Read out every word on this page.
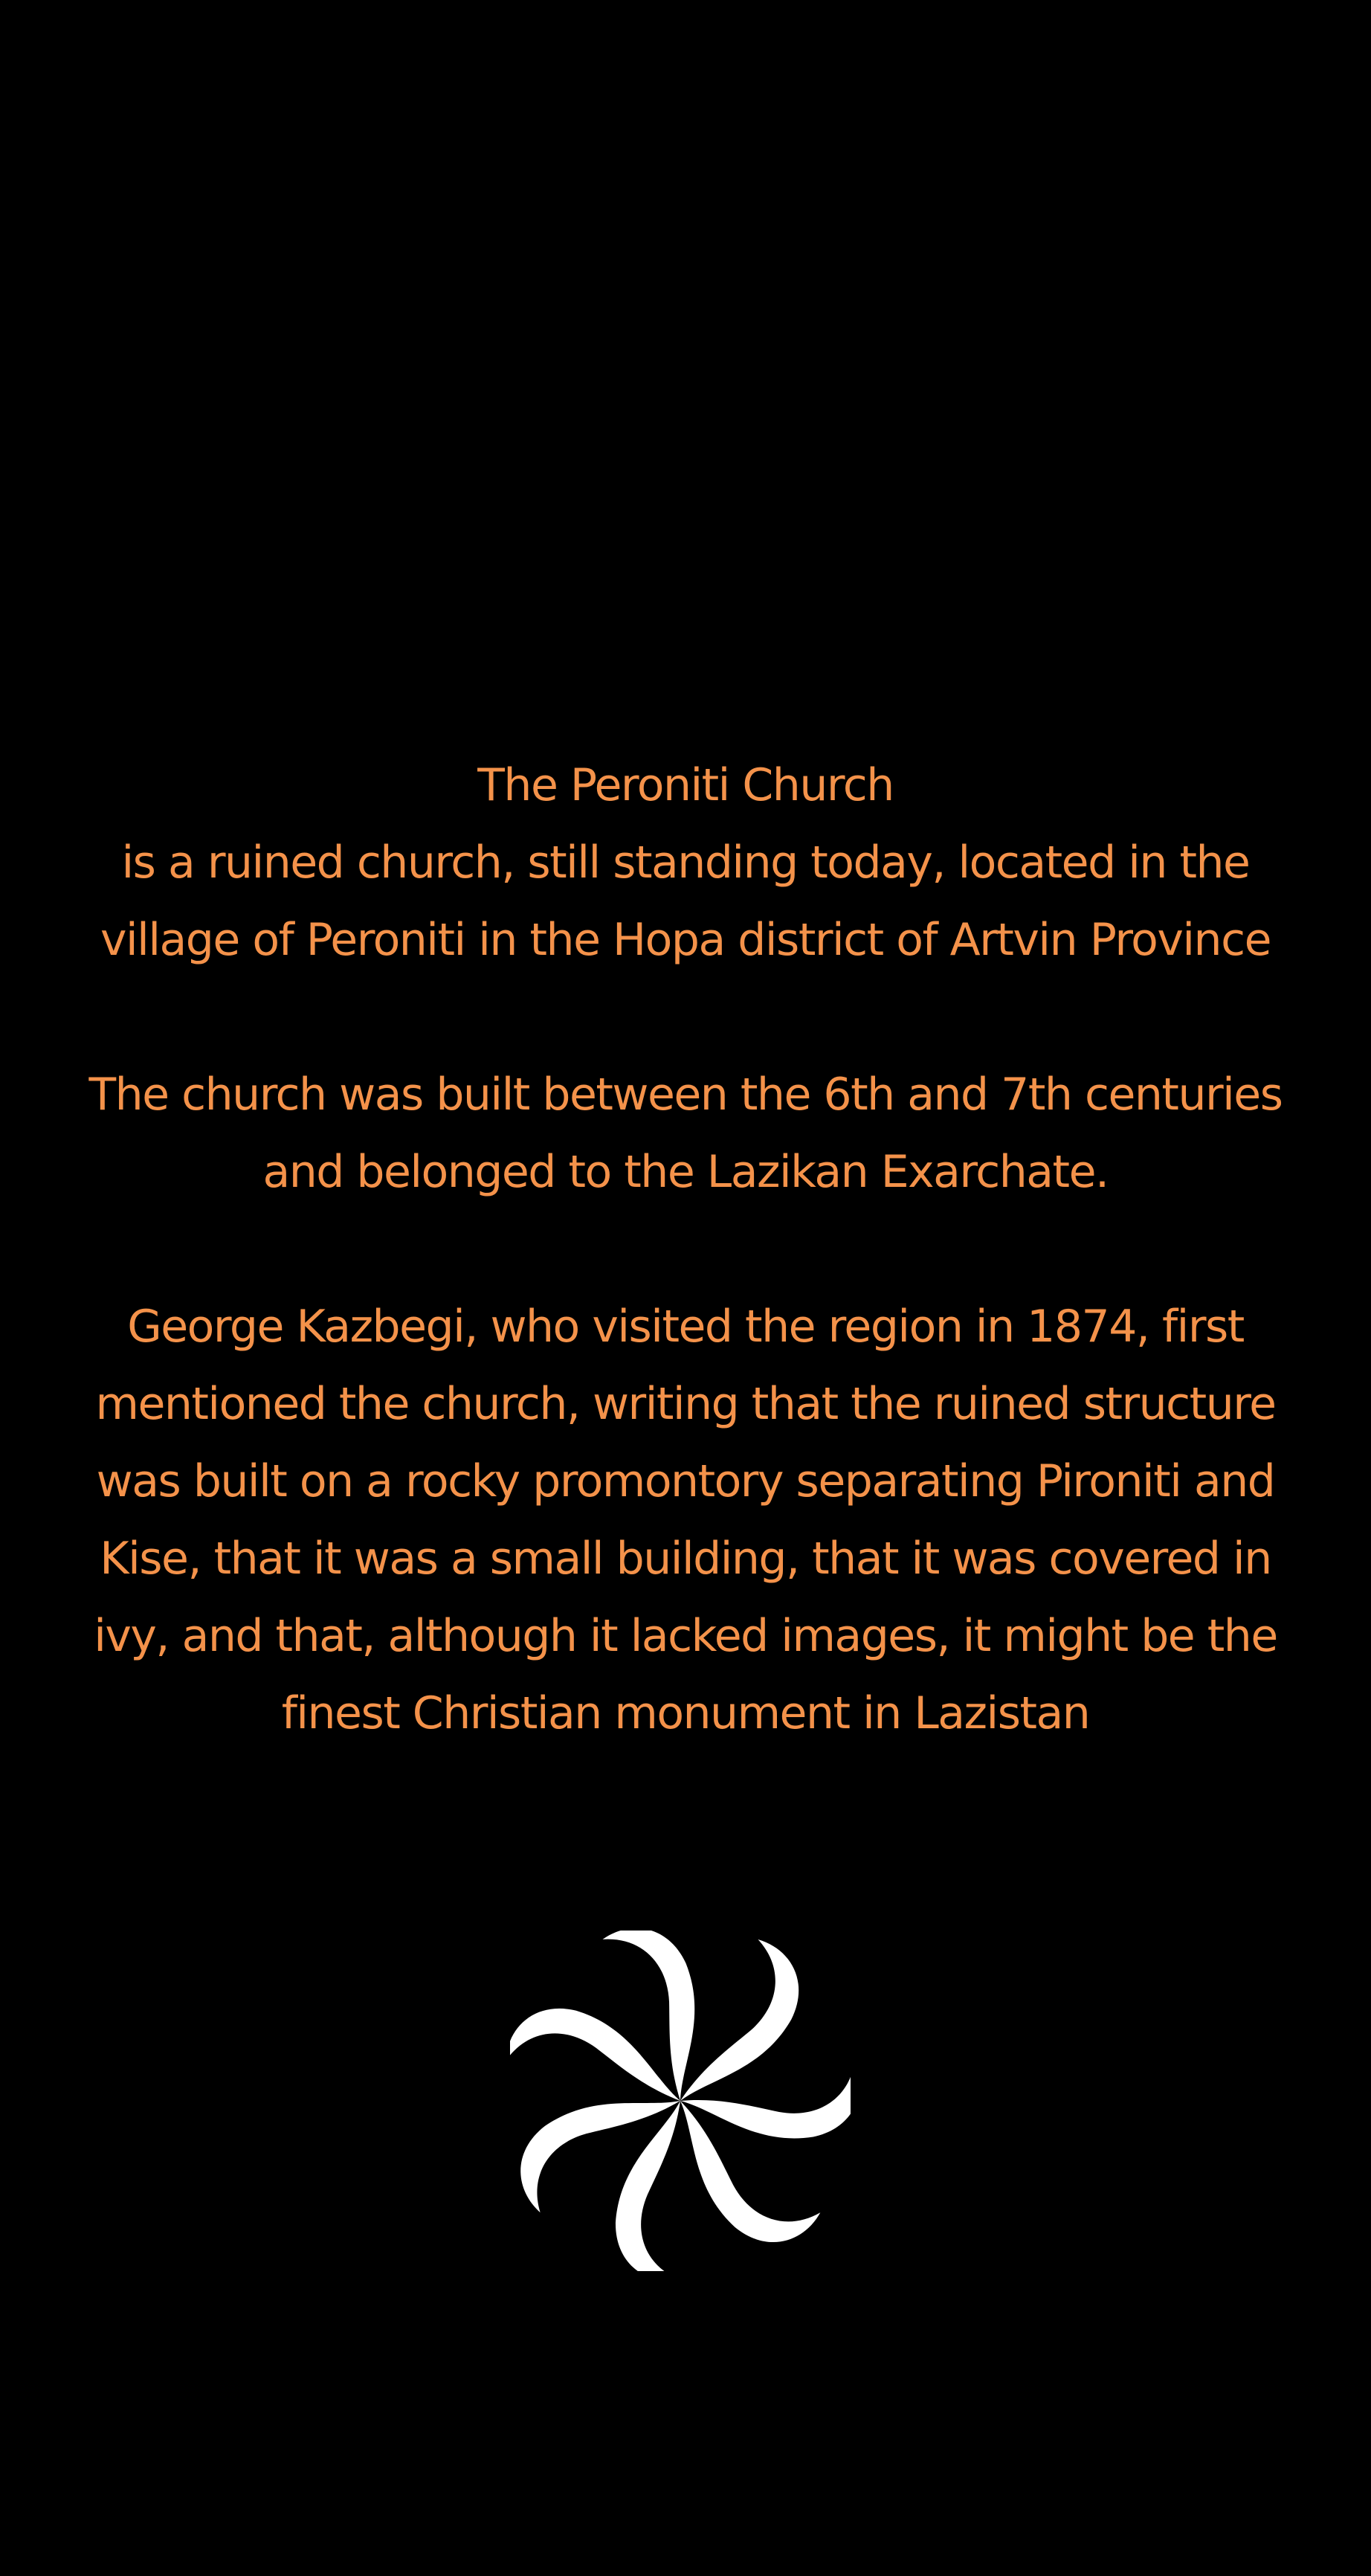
The Peroniti Church

is a ruined church, still standing today, located in the

village of Peroniti in the Hopa district of Artvin Province

The church was built between the 6th and 7th centuries

and belonged to the Lazikan Exarchate.

George Kazbegi, who visited the region in 1874, first

mentioned the church, writing that the ruined structure

was built on a rocky promontory separating Pironiti and

Kise, that it was a small building, that it was covered in

ivy, and that, although it lacked images, it might be the

finest Christian monument in Lazistan
